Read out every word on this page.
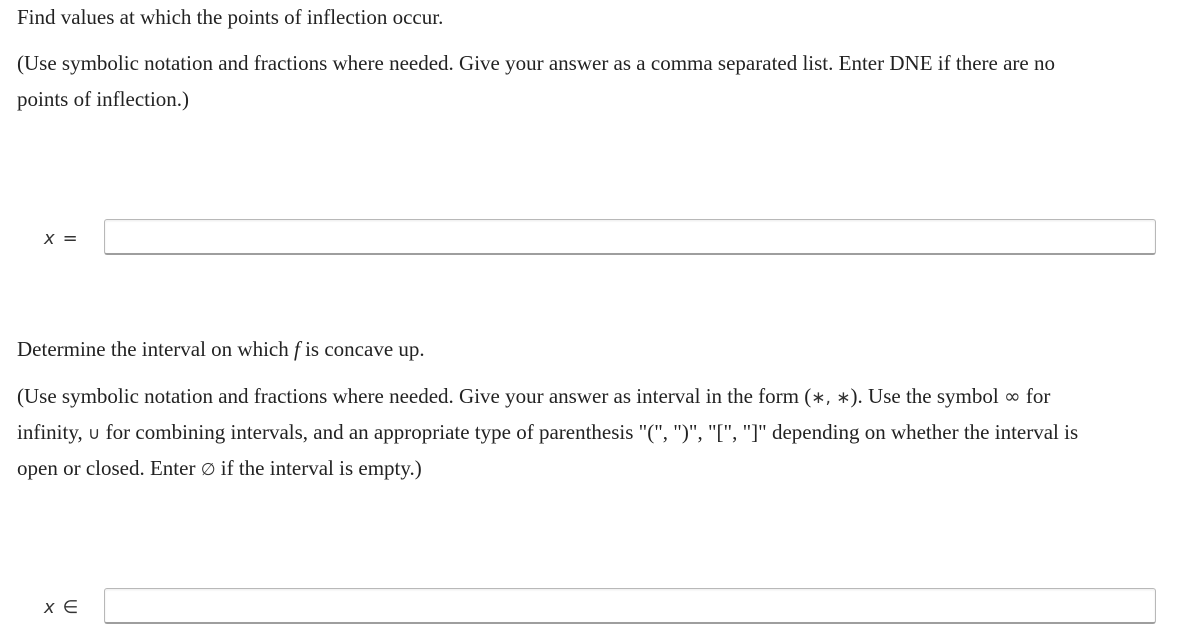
Find values at which the points of inflection occur.
(Use symbolic notation and fractions where needed. Give your answer as a comma separated list. Enter DNE if there are no
points of inflection.)
x =
Determine the interval on which f is concave up.
(Use symbolic notation and fractions where needed. Give your answer as interval in the form (∗, ∗). Use the symbol ∞ for
infinity, ∪ for combining intervals, and an appropriate type of parenthesis "(", ")", "[", "]" depending on whether the interval is
open or closed. Enter ∅ if the interval is empty.)
x ∈
